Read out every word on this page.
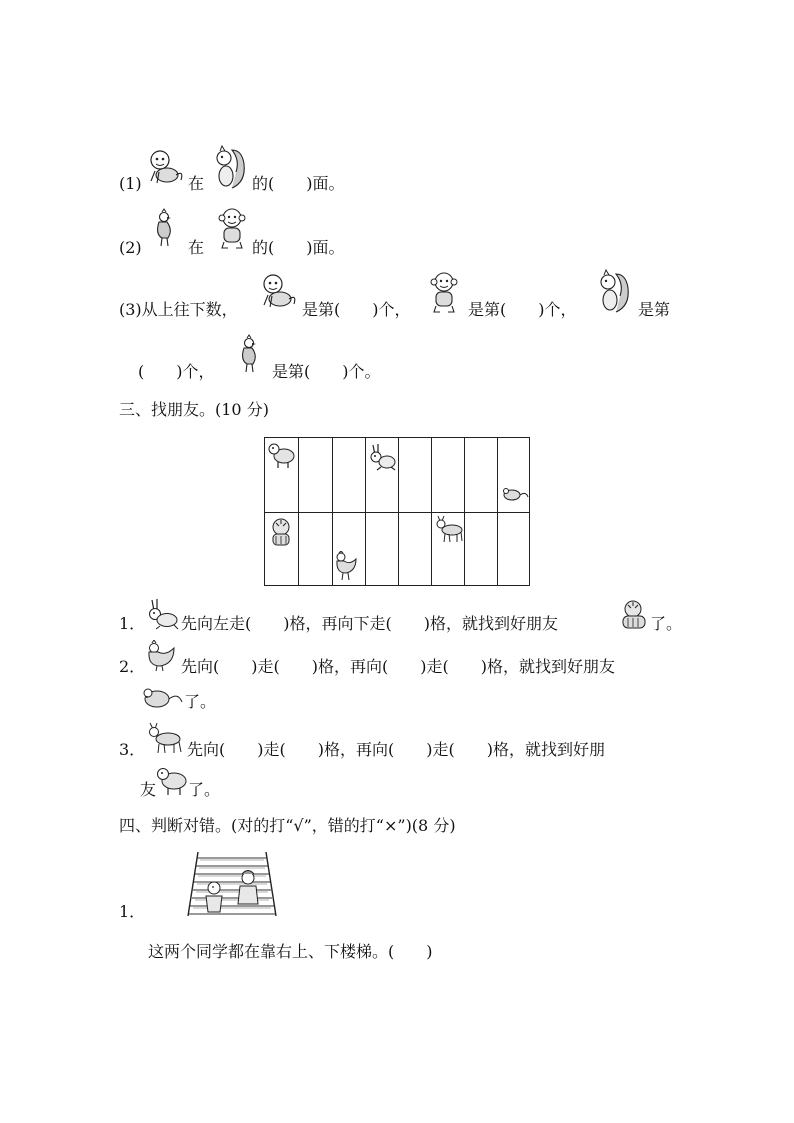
(1)	在	的(　　)面。
(2)	在	的(　　)面。
(3)从上往下数，	是第(　　)个，	是第(　　)个，	是第
(　　)个，	是第(　　)个。
三、找朋友。(10 分)
1． 先向左走(　　)格，再向下走(　　)格，就找到好朋友	了。
2． 先向(　　)走(　　)格，再向(　　)走(　　)格，就找到好朋友
了。
3．	先向(　　)走(　　)格，再向(　　)走(　　)格，就找到好朋
友 了。
四、判断对错。(对的打“√”，错的打“×”)(8 分)
1．
这两个同学都在靠右上、下楼梯。(　　)
